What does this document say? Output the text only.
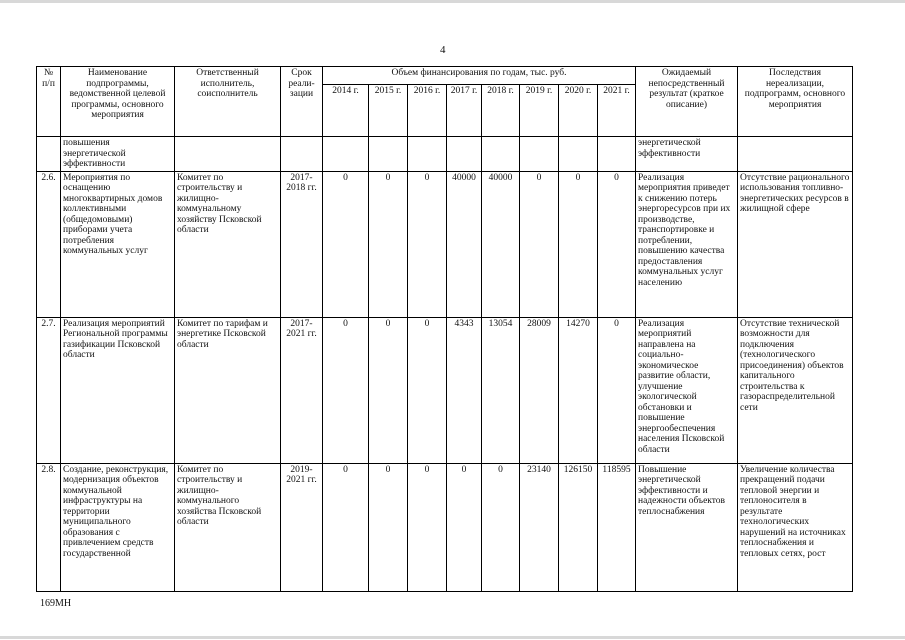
4
№ п/п	Наименование подпрограммы, ведомственной целевой программы, основного мероприятия	Ответственный исполнитель, соисполнитель	Срок реали-зации	Объем финансирования по годам, тыс. руб.								Ожидаемый непосредственный результат (краткое описание)	Последствия нереализации, подпрограмм, основного мероприятия
				2014 г.	2015 г.	2016 г.	2017 г.	2018 г.	2019 г.	2020 г.	2021 г.		
	повышения энергетической эффективности											энергетической эффективности	
2.6.	Мероприятия по оснащению многоквартирных домов коллективными (общедомовыми) приборами учета потребления коммунальных услуг	Комитет по строительству и жилищно-коммунальному хозяйству Псковской области	2017-2018 гг.	0	0	0	40000	40000	0	0	0	Реализация мероприятия приведет к снижению потерь энергоресурсов при их производстве, транспортировке и потреблении, повышению качества предоставления коммунальных услуг населению	Отсутствие рационального использования топливно-энергетических ресурсов в жилищной сфере
2.7.	Реализация мероприятий Региональной программы газификации Псковской области	Комитет по тарифам и энергетике Псковской области	2017-2021 гг.	0	0	0	4343	13054	28009	14270	0	Реализация мероприятий направлена на социально-экономическое развитие области, улучшение экологической обстановки и повышение энергообеспечения населения Псковской области	Отсутствие технической возможности для подключения (технологического присоединения) объектов капитального строительства к газораспределительной сети
2.8.	Создание, реконструкция, модернизация объектов коммунальной инфраструктуры на территории муниципального образования с привлечением средств государственной	Комитет по строительству и жилищно-коммунального хозяйства Псковской области	2019-2021 гг.	0	0	0	0	0	23140	126150	118595	Повышение энергетической эффективности и надежности объектов теплоснабжения	Увеличение количества прекращений подачи тепловой энергии и теплоносителя в результате технологических нарушений на источниках теплоснабжения и тепловых сетях, рост
169МН
